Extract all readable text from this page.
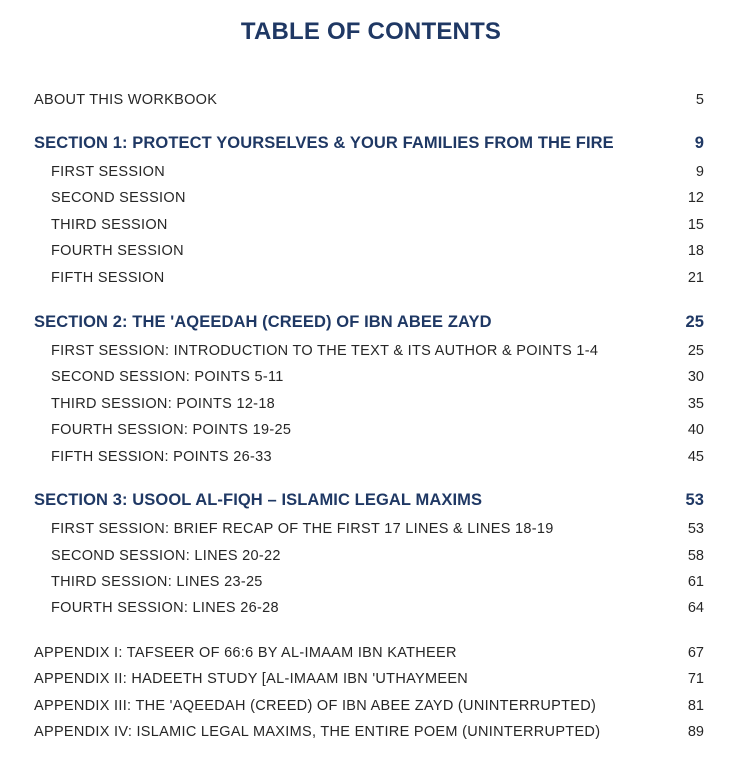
TABLE OF CONTENTS
ABOUT THIS WORKBOOK	5
SECTION 1: PROTECT YOURSELVES & YOUR FAMILIES FROM THE FIRE	9
FIRST SESSION	9
SECOND SESSION	12
THIRD SESSION	15
FOURTH SESSION	18
FIFTH SESSION	21
SECTION 2: THE 'AQEEDAH (CREED) OF IBN ABEE ZAYD	25
FIRST SESSION: INTRODUCTION TO THE TEXT & ITS AUTHOR & POINTS 1-4	25
SECOND SESSION: POINTS 5-11	30
THIRD SESSION: POINTS 12-18	35
FOURTH SESSION: POINTS 19-25	40
FIFTH SESSION: POINTS 26-33	45
SECTION 3: USOOL AL-FIQH – ISLAMIC LEGAL MAXIMS	53
FIRST SESSION: BRIEF RECAP OF THE FIRST 17 LINES & LINES 18-19	53
SECOND SESSION: LINES 20-22	58
THIRD SESSION: LINES 23-25	61
FOURTH SESSION: LINES 26-28	64
APPENDIX I: TAFSEER OF 66:6 BY AL-IMAAM IBN KATHEER	67
APPENDIX II: HADEETH STUDY [AL-IMAAM IBN 'UTHAYMEEN	71
APPENDIX III: THE 'AQEEDAH (CREED) OF IBN ABEE ZAYD (UNINTERRUPTED)	81
APPENDIX IV: ISLAMIC LEGAL MAXIMS, THE ENTIRE POEM (UNINTERRUPTED)	89
